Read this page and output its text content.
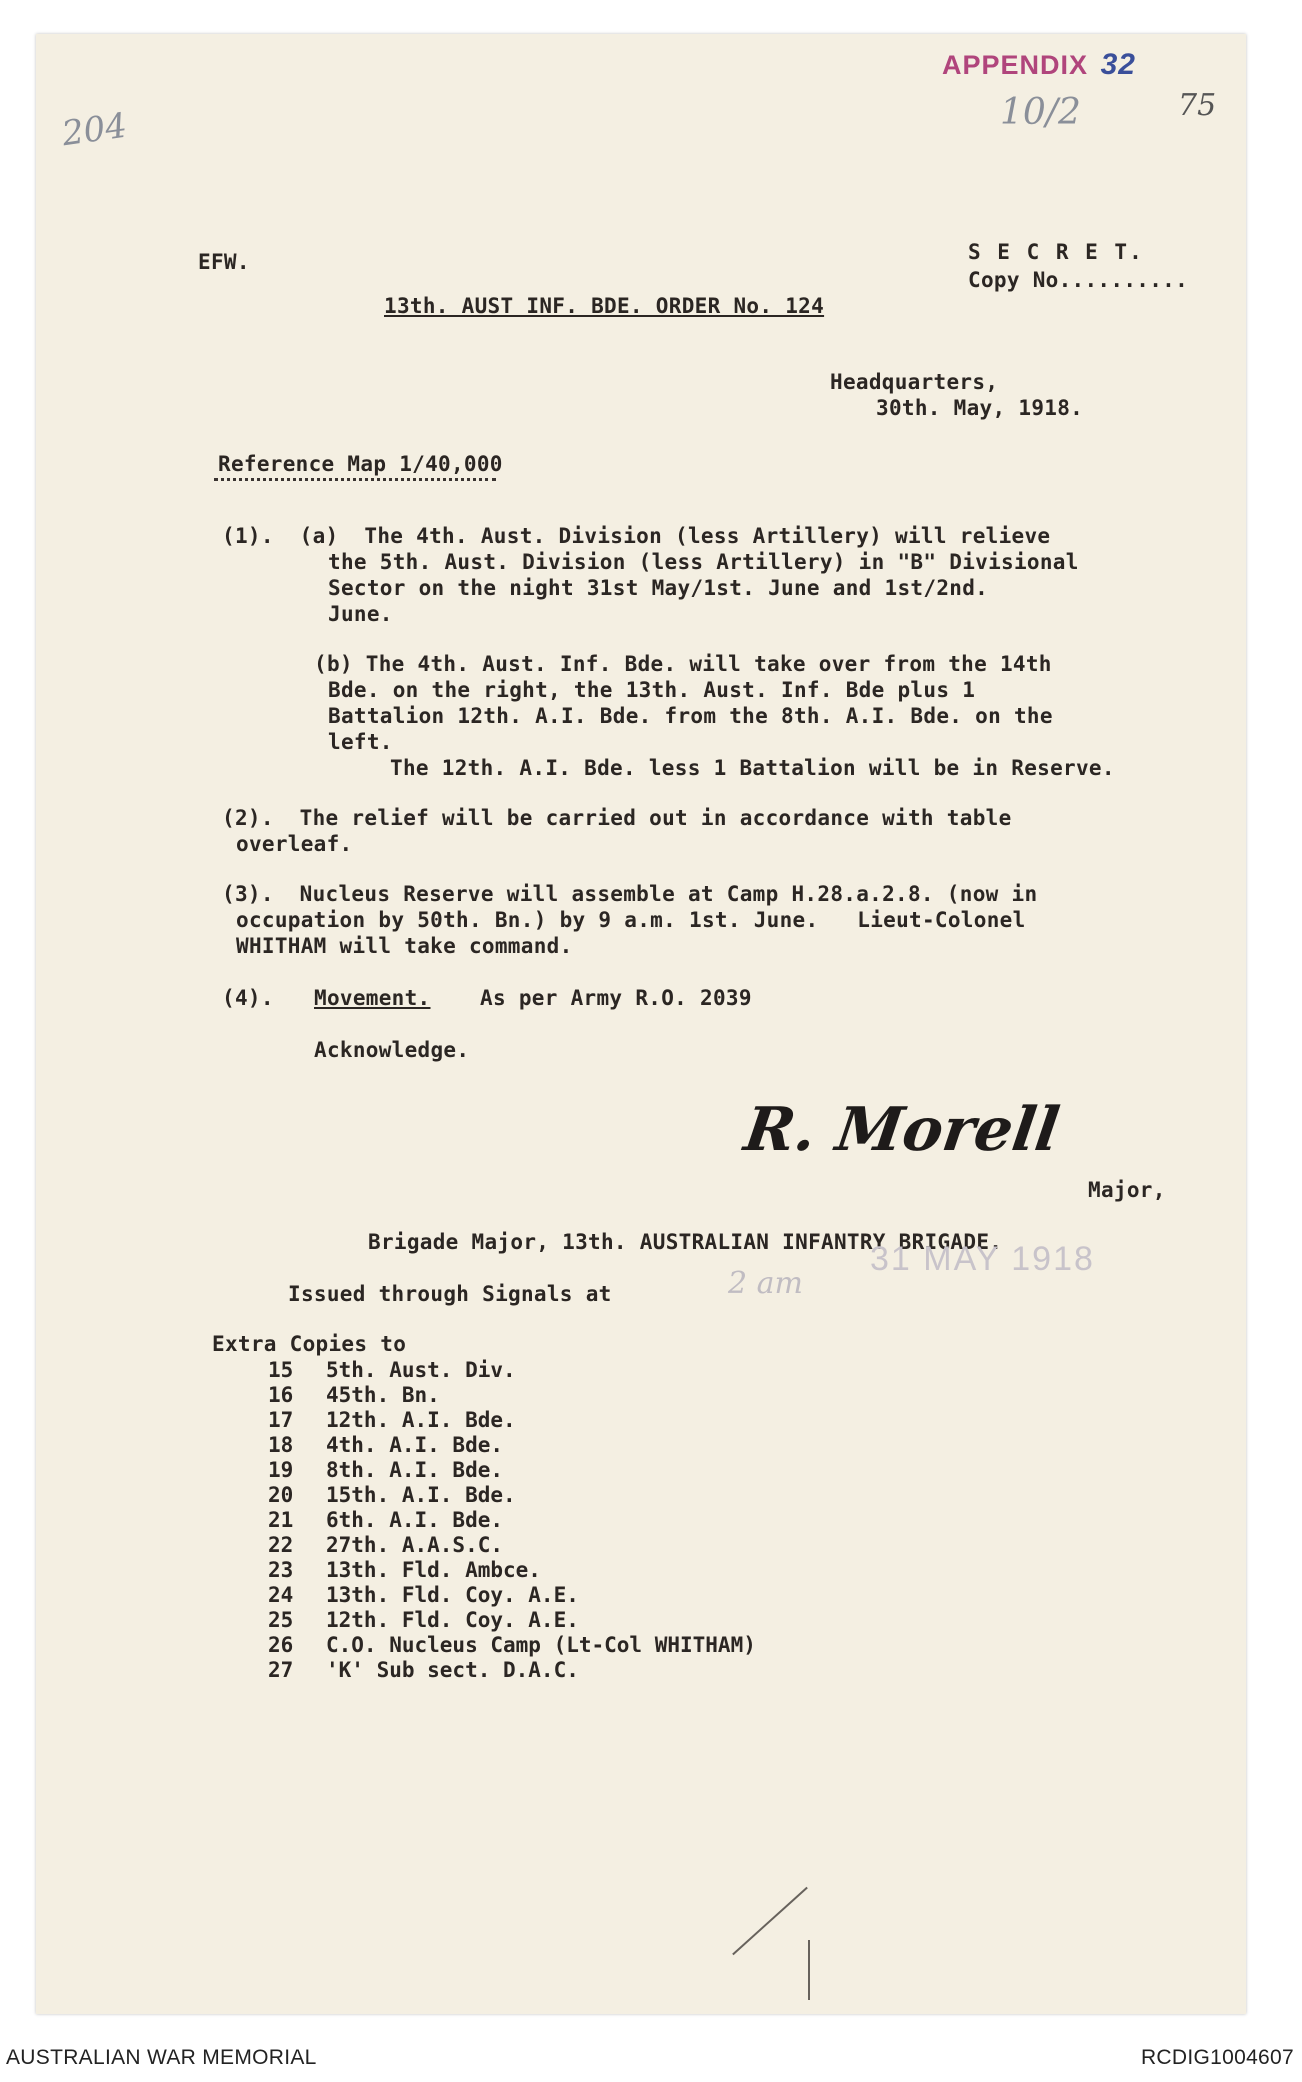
APPENDIX 32
10/2	75
204
EFW.	S E C R E T.
Copy No..........
13th. AUST INF. BDE. ORDER No. 124
Headquarters,
30th. May, 1918.
Reference Map 1/40,000
(1).  (a)  The 4th. Aust. Division (less Artillery) will relieve
the 5th. Aust. Division (less Artillery) in "B" Divisional
Sector on the night 31st May/1st. June and 1st/2nd.
June.
(b) The 4th. Aust. Inf. Bde. will take over from the 14th
Bde. on the right, the 13th. Aust. Inf. Bde plus 1
Battalion 12th. A.I. Bde. from the 8th. A.I. Bde. on the
left.
The 12th. A.I. Bde. less 1 Battalion will be in Reserve.
(2).  The relief will be carried out in accordance with table
overleaf.
(3).  Nucleus Reserve will assemble at Camp H.28.a.2.8. (now in
occupation by 50th. Bn.) by 9 a.m. 1st. June.   Lieut-Colonel
WHITHAM will take command.
(4). Movement. As per Army R.O. 2039
Acknowledge.
R. Morell
Major,
Brigade Major, 13th. AUSTRALIAN INFANTRY BRIGADE.
Issued through Signals at	2 am
31 MAY 1918
Extra Copies to
15 5th. Aust. Div.
16 45th. Bn.
17 12th. A.I. Bde.
18 4th. A.I. Bde.
19 8th. A.I. Bde.
20 15th. A.I. Bde.
21 6th. A.I. Bde.
22 27th. A.A.S.C.
23 13th. Fld. Ambce.
24 13th. Fld. Coy. A.E.
25 12th. Fld. Coy. A.E.
26 C.O. Nucleus Camp (Lt-Col WHITHAM)
27 'K' Sub sect. D.A.C.
AUSTRALIAN WAR MEMORIAL	RCDIG1004607
